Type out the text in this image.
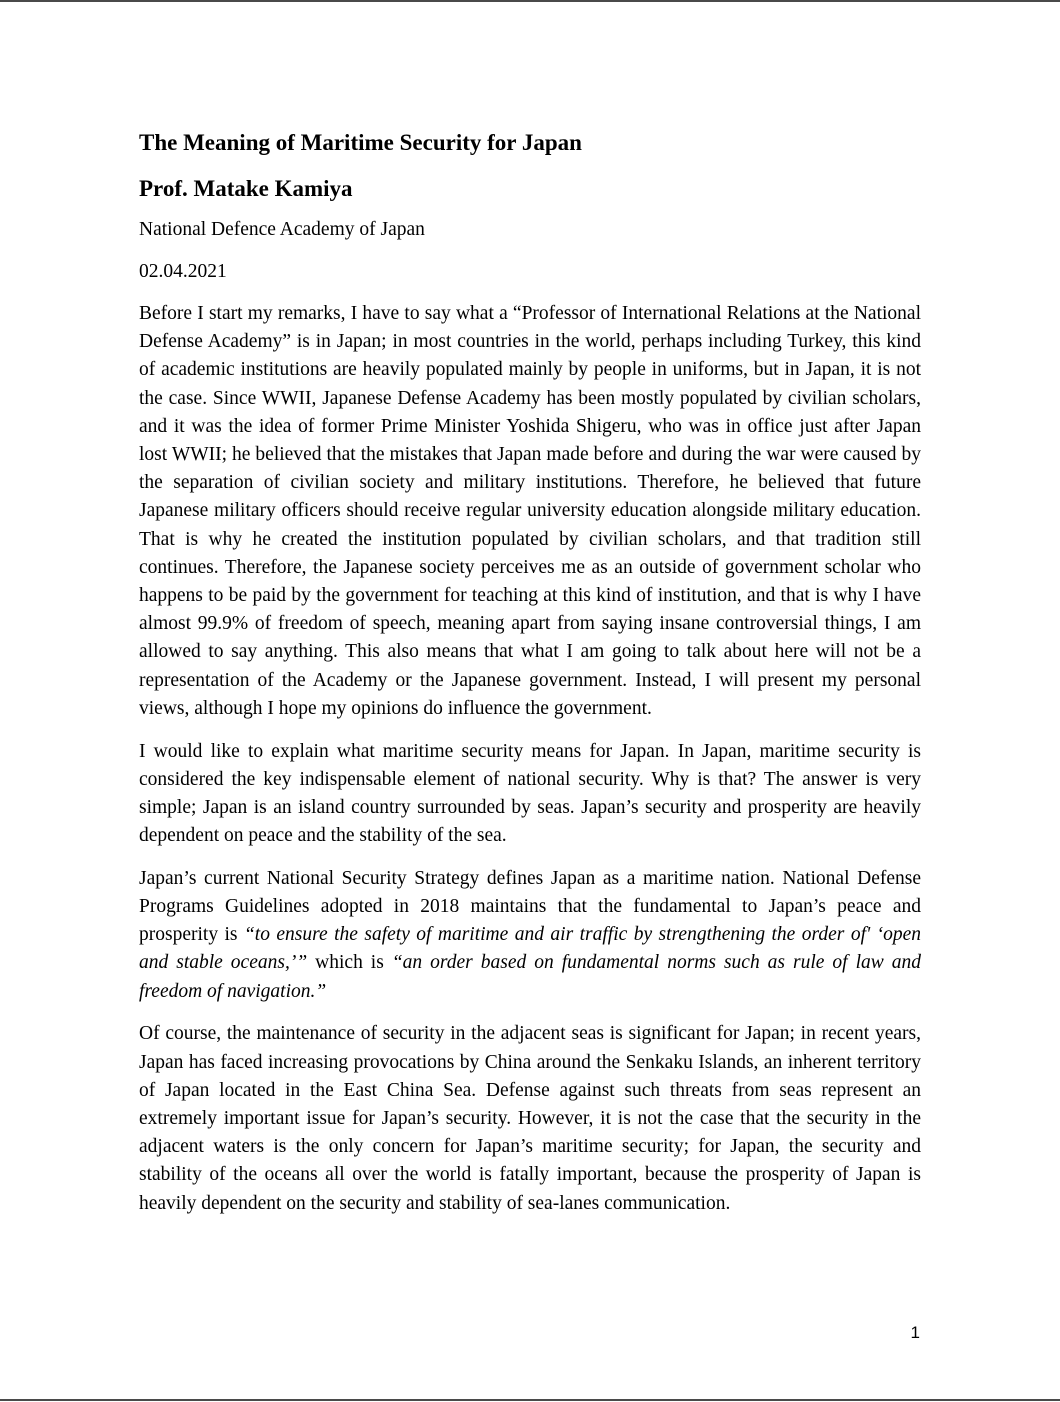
The Meaning of Maritime Security for Japan
Prof. Matake Kamiya
National Defence Academy of Japan
02.04.2021

Before I start my remarks, I have to say what a “Professor of International Relations at the National Defense Academy” is in Japan; in most countries in the world, perhaps including Turkey, this kind of academic institutions are heavily populated mainly by people in uniforms, but in Japan, it is not the case. Since WWII, Japanese Defense Academy has been mostly populated by civilian scholars, and it was the idea of former Prime Minister Yoshida Shigeru, who was in office just after Japan lost WWII; he believed that the mistakes that Japan made before and during the war were caused by the separation of civilian society and military institutions. Therefore, he believed that future Japanese military officers should receive regular university education alongside military education. That is why he created the institution populated by civilian scholars, and that tradition still continues. Therefore, the Japanese society perceives me as an outside of government scholar who happens to be paid by the government for teaching at this kind of institution, and that is why I have almost 99.9% of freedom of speech, meaning apart from saying insane controversial things, I am allowed to say anything. This also means that what I am going to talk about here will not be a representation of the Academy or the Japanese government. Instead, I will present my personal views, although I hope my opinions do influence the government.

I would like to explain what maritime security means for Japan. In Japan, maritime security is considered the key indispensable element of national security. Why is that? The answer is very simple; Japan is an island country surrounded by seas. Japan’s security and prosperity are heavily dependent on peace and the stability of the sea.

Japan’s current National Security Strategy defines Japan as a maritime nation. National Defense Programs Guidelines adopted in 2018 maintains that the fundamental to Japan’s peace and prosperity is “to ensure the safety of maritime and air traffic by strengthening the order of' ‘open and stable oceans,’” which is “an order based on fundamental norms such as rule of law and freedom of navigation.”

Of course, the maintenance of security in the adjacent seas is significant for Japan; in recent years, Japan has faced increasing provocations by China around the Senkaku Islands, an inherent territory of Japan located in the East China Sea. Defense against such threats from seas represent an extremely important issue for Japan’s security. However, it is not the case that the security in the adjacent waters is the only concern for Japan’s maritime security; for Japan, the security and stability of the oceans all over the world is fatally important, because the prosperity of Japan is heavily dependent on the security and stability of sea-lanes communication.

1
